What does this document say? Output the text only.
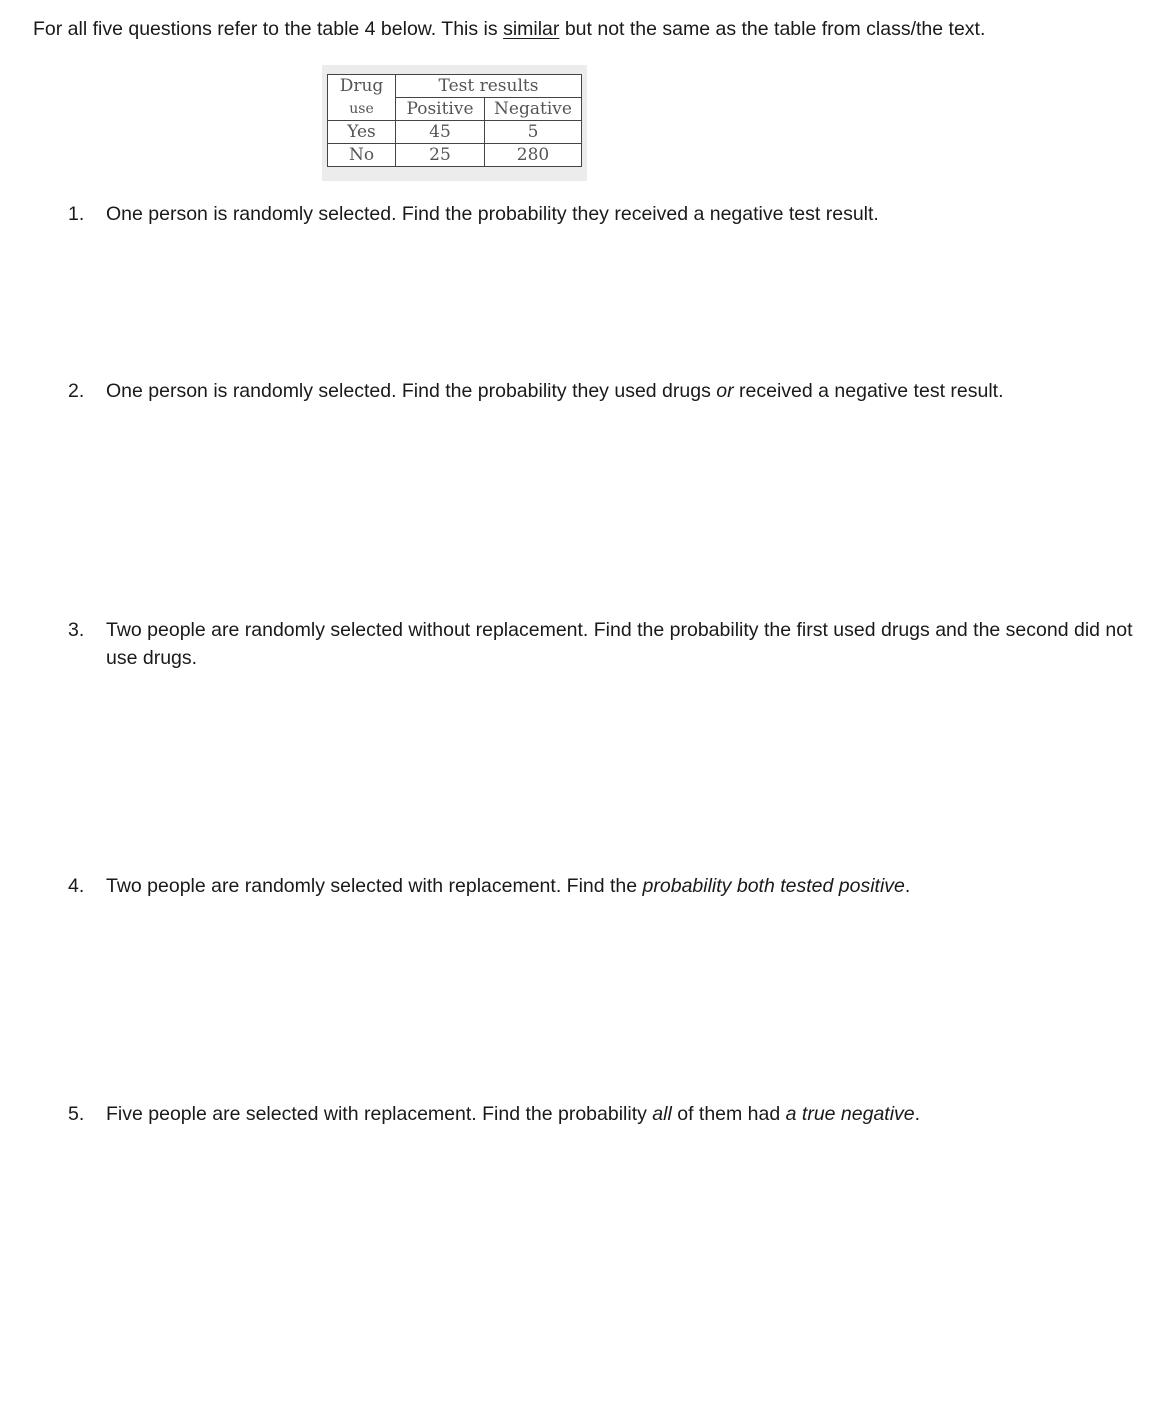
For all five questions refer to the table 4 below. This is similar but not the same as the table from class/the text.
Drug	Test results	
use	Positive	Negative
Yes	45	5
No	25	280
1. One person is randomly selected. Find the probability they received a negative test result.
2. One person is randomly selected. Find the probability they used drugs or received a negative test result.
3. Two people are randomly selected without replacement. Find the probability the first used drugs and the second did not use drugs.
4. Two people are randomly selected with replacement. Find the probability both tested positive.
5. Five people are selected with replacement. Find the probability all of them had a true negative.
